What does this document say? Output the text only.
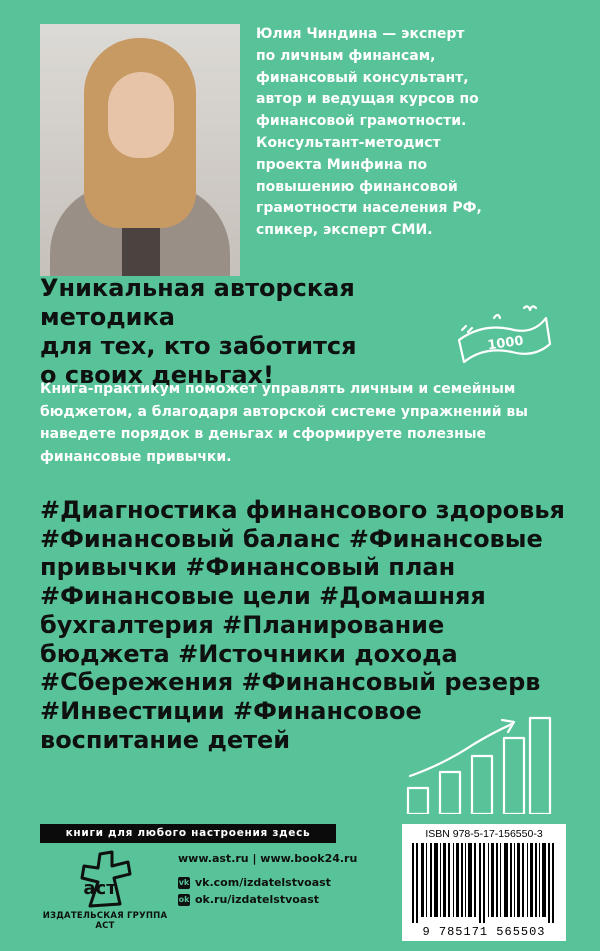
Юлия Чиндина — эксперт
по личным финансам,
финансовый консультант,
автор и ведущая курсов по
финансовой грамотности.
Консультант-методист
проекта Минфина по
повышению финансовой
грамотности населения РФ,
спикер, эксперт СМИ.

Уникальная авторская методика
для тех, кто заботится
о своих деньгах!

1000

Книга-практикум поможет управлять личным и семейным
бюджетом, а благодаря авторской системе упражнений вы
наведете порядок в деньгах и сформируете полезные
финансовые привычки.

#Диагностика финансового здоровья
#Финансовый баланс #Финансовые
привычки #Финансовый план
#Финансовые цели #Домашняя
бухгалтерия #Планирование
бюджета #Источники дохода
#Сбережения #Финансовый резерв
#Инвестиции #Финансовое
воспитание детей

книги для любого настроения здесь
аст
ИЗДАТЕЛЬСКАЯ ГРУППА АСТ
www.ast.ru | www.book24.ru
vk vk.com/izdatelstvoast
ok ok.ru/izdatelstvoast
ISBN 978-5-17-156550-3
9 785171 565503
